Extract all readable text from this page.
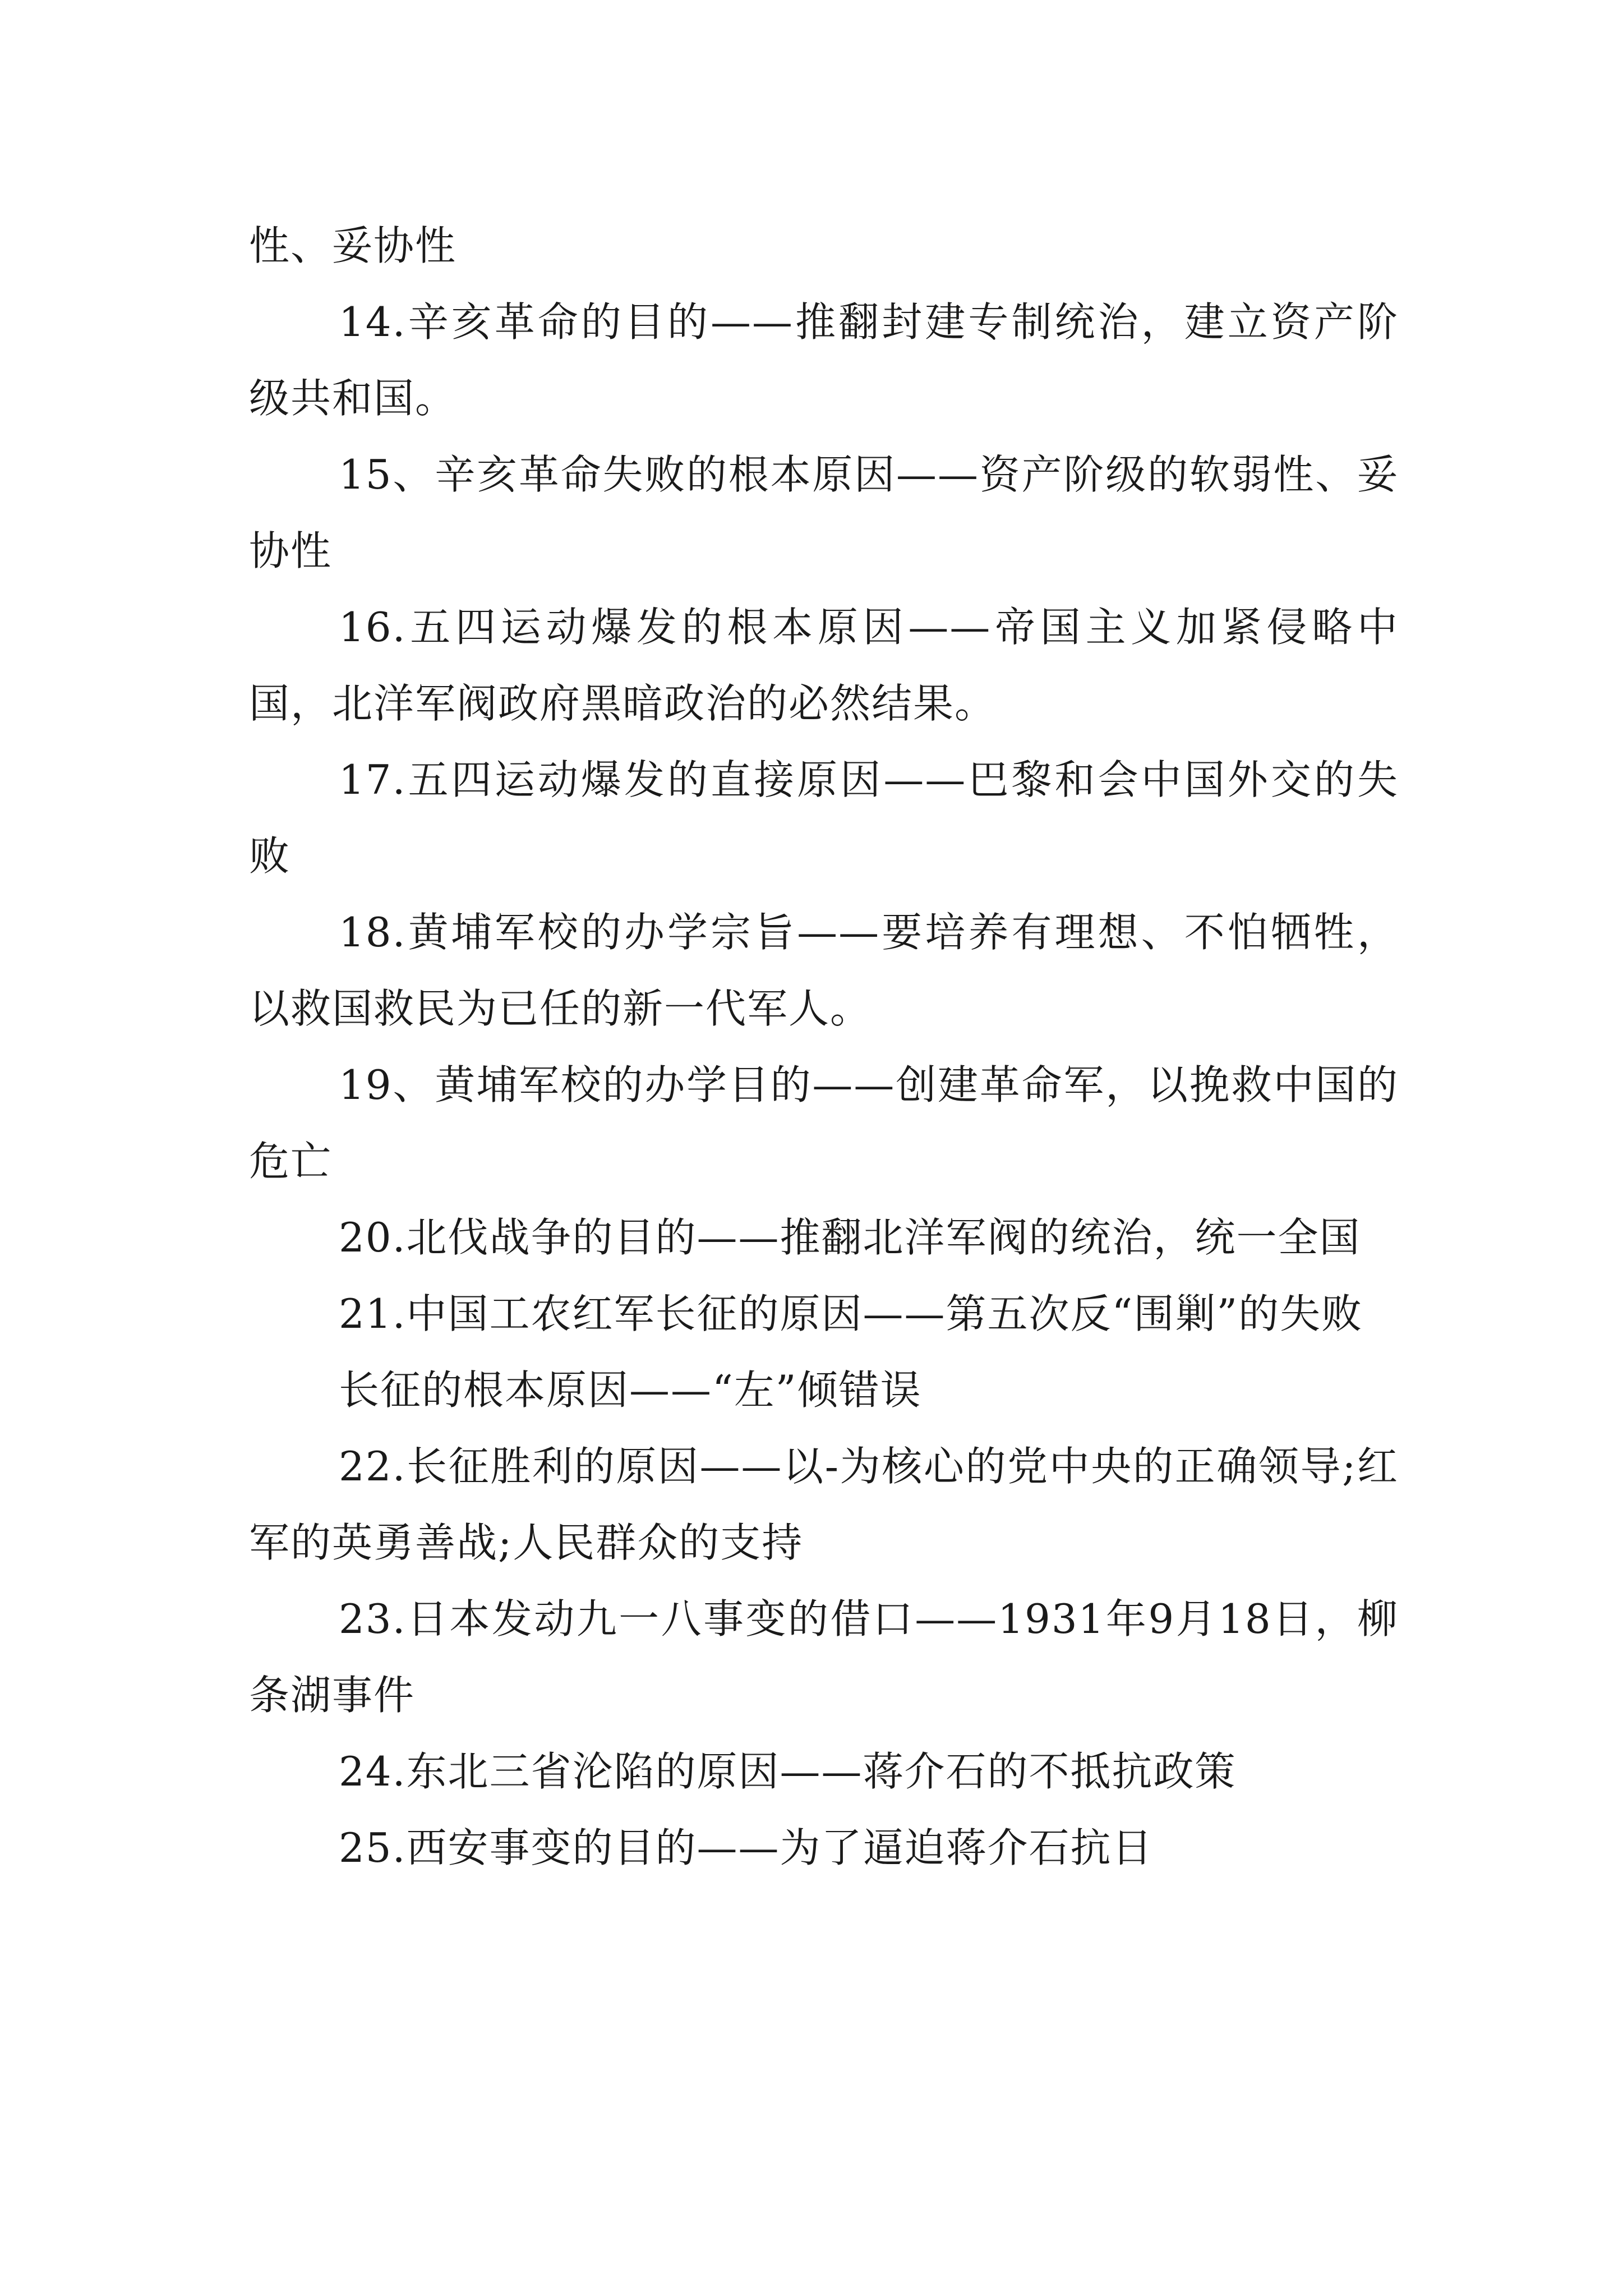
性、妥协性

14.辛亥革命的目的——推翻封建专制统治，建立资产阶级共和国。

15、辛亥革命失败的根本原因——资产阶级的软弱性、妥协性

16.五四运动爆发的根本原因——帝国主义加紧侵略中国，北洋军阀政府黑暗政治的必然结果。

17.五四运动爆发的直接原因——巴黎和会中国外交的失败

18.黄埔军校的办学宗旨——要培养有理想、不怕牺牲，以救国救民为已任的新一代军人。

19、黄埔军校的办学目的——创建革命军，以挽救中国的危亡

20.北伐战争的目的——推翻北洋军阀的统治，统一全国

21.中国工农红军长征的原因——第五次反“围剿”的失败

长征的根本原因——“左”倾错误

22.长征胜利的原因——以-为核心的党中央的正确领导;红军的英勇善战;人民群众的支持

23.日本发动九一八事变的借口——1931年9月18日，柳条湖事件

24.东北三省沦陷的原因——蒋介石的不抵抗政策

25.西安事变的目的——为了逼迫蒋介石抗日
